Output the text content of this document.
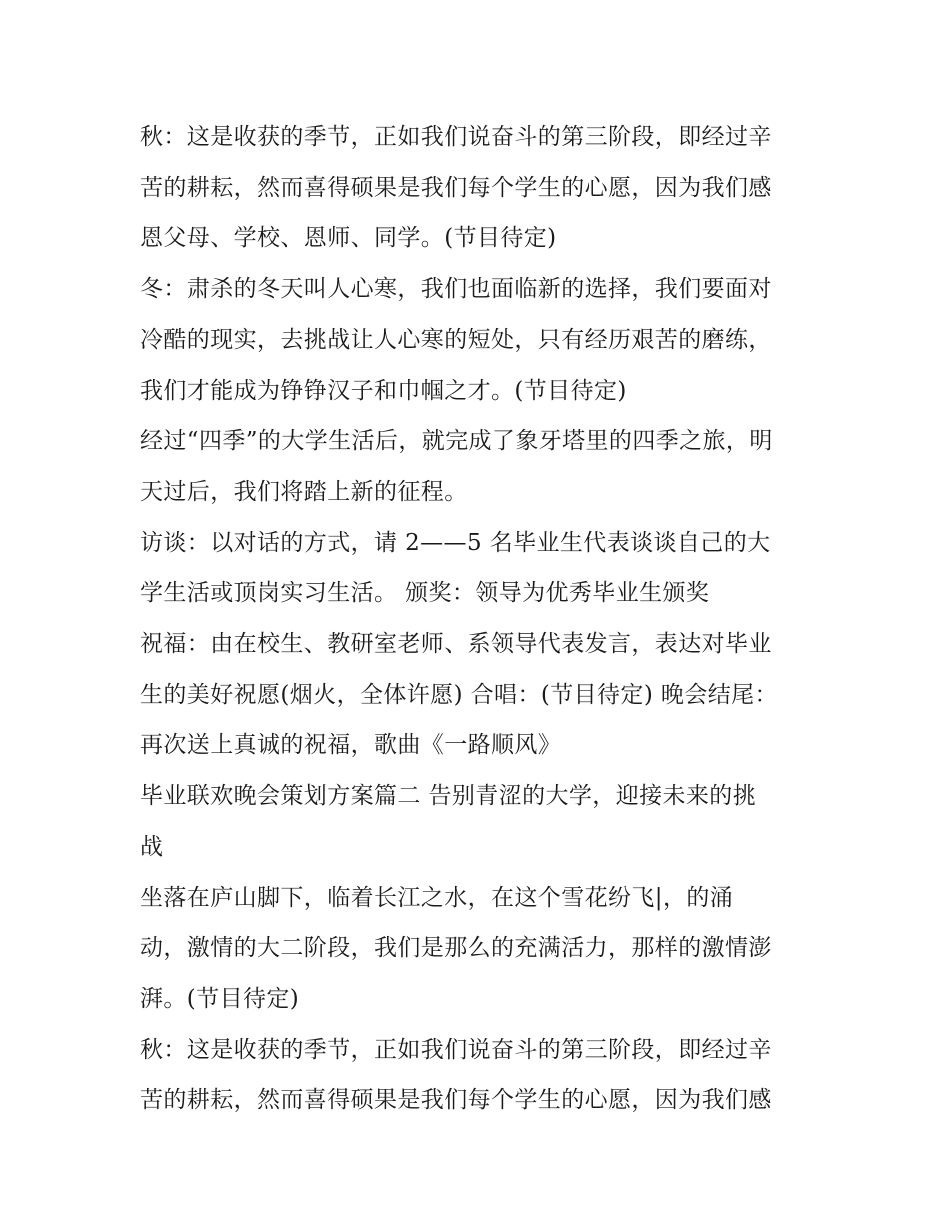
秋：这是收获的季节，正如我们说奋斗的第三阶段，即经过辛
苦的耕耘，然而喜得硕果是我们每个学生的心愿，因为我们感
恩父母、学校、恩师、同学。(节目待定)
冬：肃杀的冬天叫人心寒，我们也面临新的选择，我们要面对
冷酷的现实，去挑战让人心寒的短处，只有经历艰苦的磨练，
我们才能成为铮铮汉子和巾帼之才。(节目待定)
经过“四季”的大学生活后，就完成了象牙塔里的四季之旅，明
天过后，我们将踏上新的征程。
访谈：以对话的方式，请 2——5 名毕业生代表谈谈自己的大
学生活或顶岗实习生活。 颁奖：领导为优秀毕业生颁奖
祝福：由在校生、教研室老师、系领导代表发言，表达对毕业
生的美好祝愿(烟火，全体许愿) 合唱：(节目待定) 晚会结尾：
再次送上真诚的祝福，歌曲《一路顺风》
毕业联欢晚会策划方案篇二 告别青涩的大学，迎接未来的挑
战
坐落在庐山脚下，临着长江之水，在这个雪花纷飞|，的涌
动，激情的大二阶段，我们是那么的充满活力，那样的激情澎
湃。(节目待定)
秋：这是收获的季节，正如我们说奋斗的第三阶段，即经过辛
苦的耕耘，然而喜得硕果是我们每个学生的心愿，因为我们感
